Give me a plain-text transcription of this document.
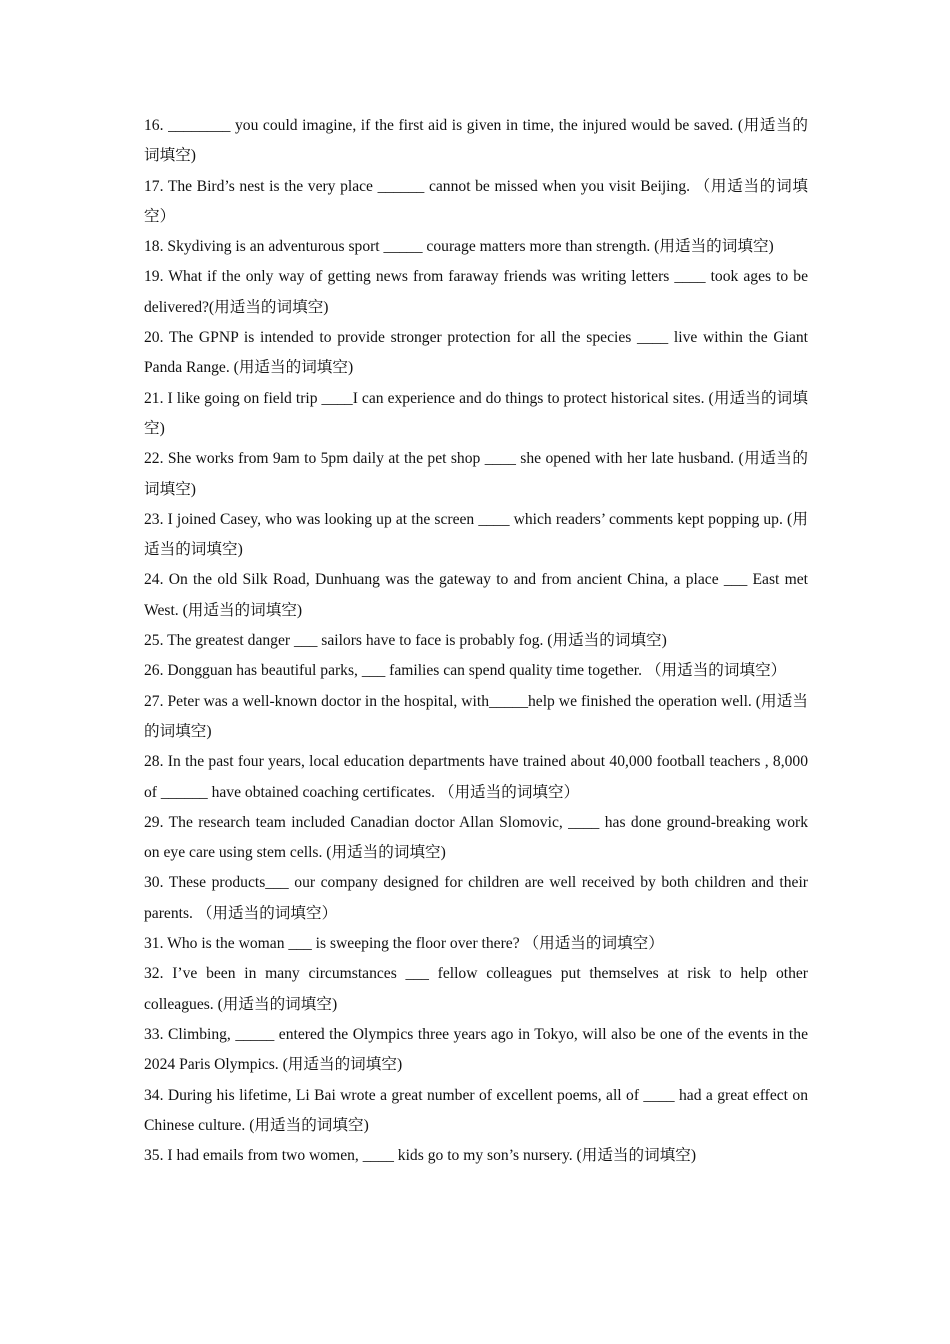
16. ________ you could imagine, if the first aid is given in time, the injured would be saved. (用适当的词填空)

17. The Bird’s nest is the very place ______ cannot be missed when you visit Beijing. （用适当的词填空）

18. Skydiving is an adventurous sport _____ courage matters more than strength. (用适当的词填空)

19. What if the only way of getting news from faraway friends was writing letters ____ took ages to be delivered?(用适当的词填空)

20. The GPNP is intended to provide stronger protection for all the species ____ live within the Giant Panda Range. (用适当的词填空)

21. I like going on field trip ____I can experience and do things to protect historical sites. (用适当的词填空)

22. She works from 9am to 5pm daily at the pet shop ____ she opened with her late husband. (用适当的词填空)

23. I joined Casey, who was looking up at the screen ____ which readers’ comments kept popping up. (用适当的词填空)

24. On the old Silk Road, Dunhuang was the gateway to and from ancient China, a place ___ East met West. (用适当的词填空)

25. The greatest danger ___ sailors have to face is probably fog. (用适当的词填空)

26. Dongguan has beautiful parks, ___ families can spend quality time together. （用适当的词填空）

27. Peter was a well-known doctor in the hospital, with_____help we finished the operation well. (用适当的词填空)

28. In the past four years, local education departments have trained about 40,000 football teachers , 8,000 of ______ have obtained coaching certificates. （用适当的词填空）

29. The research team included Canadian doctor Allan Slomovic, ____ has done ground-breaking work on eye care using stem cells. (用适当的词填空)

30. These products___ our company designed for children are well received by both children and their parents. （用适当的词填空）

31. Who is the woman ___ is sweeping the floor over there? （用适当的词填空）

32. I’ve been in many circumstances ___ fellow colleagues put themselves at risk to help other colleagues. (用适当的词填空)

33. Climbing, _____ entered the Olympics three years ago in Tokyo, will also be one of the events in the 2024 Paris Olympics. (用适当的词填空)

34. During his lifetime, Li Bai wrote a great number of excellent poems, all of ____ had a great effect on Chinese culture. (用适当的词填空)

35. I had emails from two women, ____ kids go to my son’s nursery. (用适当的词填空)
